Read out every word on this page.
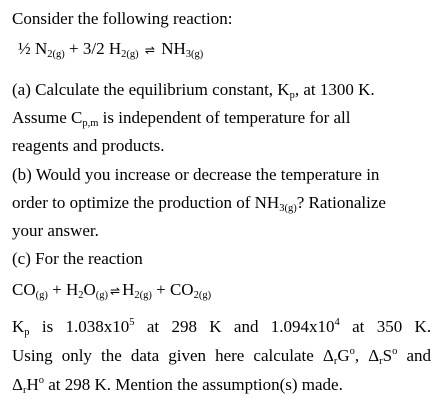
Consider the following reaction:
½ $N_{2(g)} + 3/2$ $H_{2(g)}$ ⇌ $NH_{3(g)}$
(a) Calculate the equilibrium constant, $K_p$, at 1300 K.
Assume $C_{p,m}$ is independent of temperature for all
reagents and products.
(b) Would you increase or decrease the temperature in
order to optimize the production of $NH_{3(g)}$? Rationalize
your answer.
(c) For the reaction
$CO_{(g)} + H_2O_{(g)}$ ⇌ $H_{2(g)} + CO_{2(g)}$
$K_p$ is $1.038x10^5$ at 298 K and $1.094x10^4$ at 350 K.
Using only the data given here calculate $\Delta_rG^o$, $\Delta_rS^o$ and
$\Delta_rH^o$ at 298 K. Mention the assumption(s) made.
